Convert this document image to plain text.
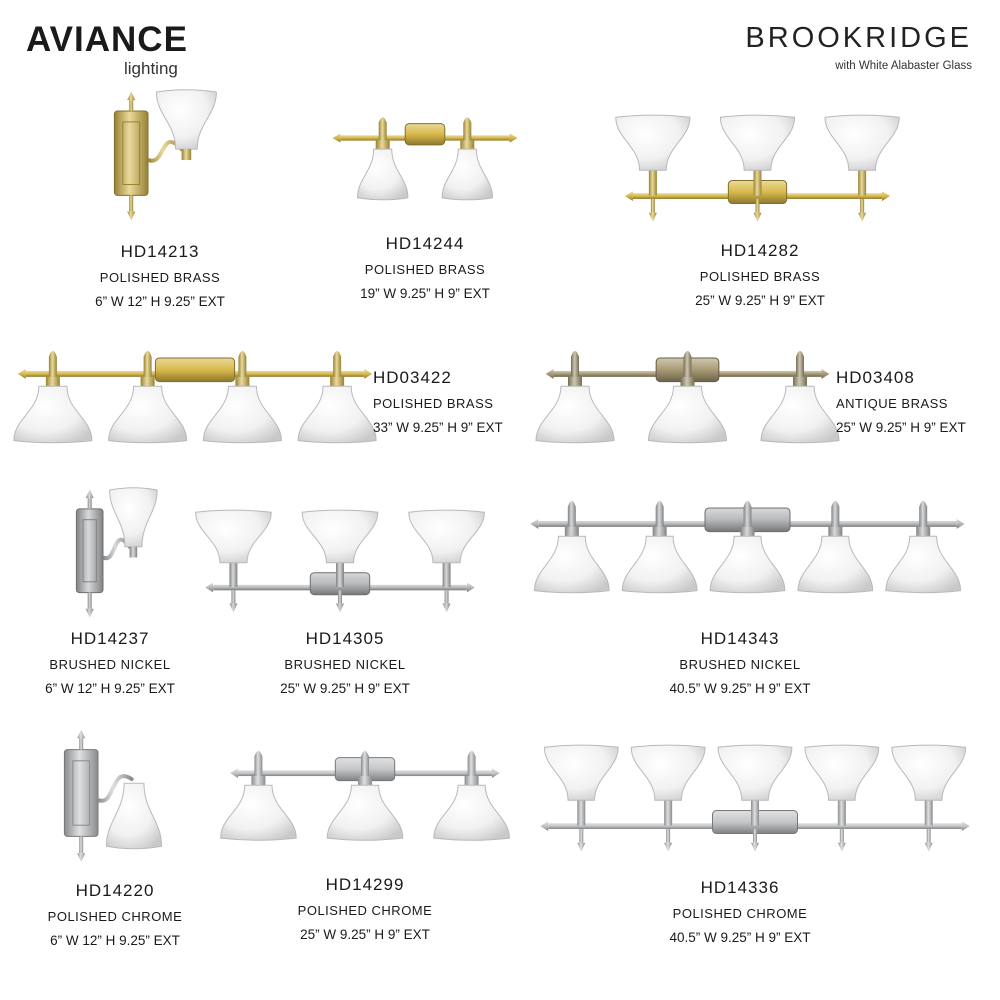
AVIANCE
lighting
BROOKRIDGE
with White Alabaster Glass
HD14213
POLISHED BRASS
6” W 12” H 9.25” EXT
HD14244
POLISHED BRASS
19” W 9.25” H 9” EXT
HD14282
POLISHED BRASS
25” W 9.25” H 9” EXT
HD03422
POLISHED BRASS
33” W 9.25” H 9” EXT
HD03408
ANTIQUE BRASS
25” W 9.25” H 9” EXT
HD14237
BRUSHED NICKEL
6” W 12” H 9.25” EXT
HD14305
BRUSHED NICKEL
25” W 9.25” H 9” EXT
HD14343
BRUSHED NICKEL
40.5” W 9.25” H 9” EXT
HD14220
POLISHED CHROME
6” W 12” H 9.25” EXT
HD14299
POLISHED CHROME
25” W 9.25” H 9” EXT
HD14336
POLISHED CHROME
40.5” W 9.25” H 9” EXT
